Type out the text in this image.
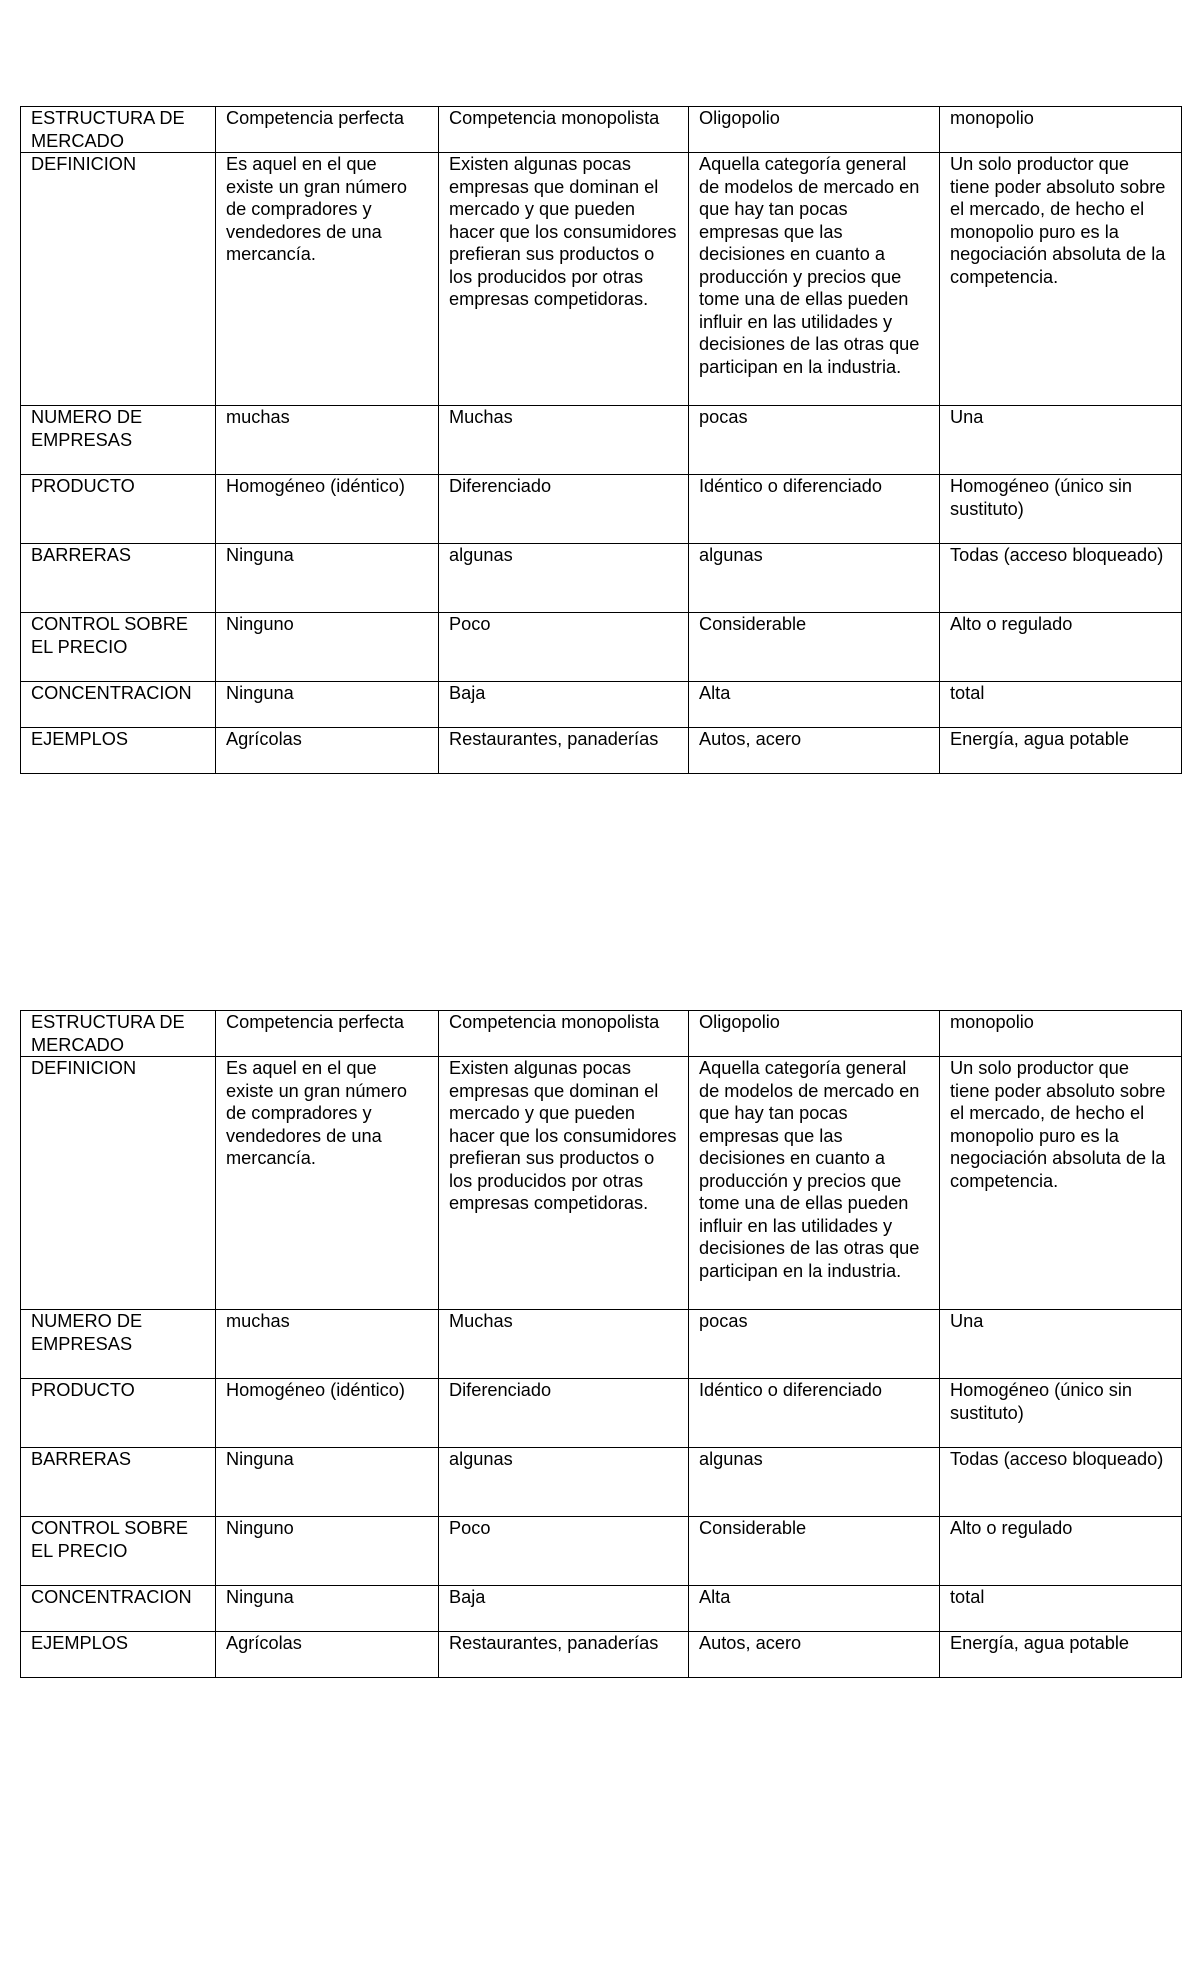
ESTRUCTURA DE MERCADO	Competencia perfecta	Competencia monopolista	Oligopolio	monopolio
DEFINICION	Es aquel en el que existe un gran número de compradores y vendedores de una mercancía.	Existen algunas pocas empresas que dominan el mercado y que pueden hacer que los consumidores prefieran sus productos o los producidos por otras empresas competidoras.	Aquella categoría general de modelos de mercado en que hay tan pocas empresas que las decisiones en cuanto a producción y precios que tome una de ellas pueden influir en las utilidades y decisiones de las otras que participan en la industria.	Un solo productor que tiene poder absoluto sobre el mercado, de hecho el monopolio puro es la negociación absoluta de la competencia.
NUMERO DE EMPRESAS	muchas	Muchas	pocas	Una
PRODUCTO	Homogéneo (idéntico)	Diferenciado	Idéntico o diferenciado	Homogéneo (único sin sustituto)
BARRERAS	Ninguna	algunas	algunas	Todas (acceso bloqueado)
CONTROL SOBRE EL PRECIO	Ninguno	Poco	Considerable	Alto o regulado
CONCENTRACION	Ninguna	Baja	Alta	total
EJEMPLOS	Agrícolas	Restaurantes, panaderías	Autos, acero	Energía, agua potable
ESTRUCTURA DE MERCADO	Competencia perfecta	Competencia monopolista	Oligopolio	monopolio
DEFINICION	Es aquel en el que existe un gran número de compradores y vendedores de una mercancía.	Existen algunas pocas empresas que dominan el mercado y que pueden hacer que los consumidores prefieran sus productos o los producidos por otras empresas competidoras.	Aquella categoría general de modelos de mercado en que hay tan pocas empresas que las decisiones en cuanto a producción y precios que tome una de ellas pueden influir en las utilidades y decisiones de las otras que participan en la industria.	Un solo productor que tiene poder absoluto sobre el mercado, de hecho el monopolio puro es la negociación absoluta de la competencia.
NUMERO DE EMPRESAS	muchas	Muchas	pocas	Una
PRODUCTO	Homogéneo (idéntico)	Diferenciado	Idéntico o diferenciado	Homogéneo (único sin sustituto)
BARRERAS	Ninguna	algunas	algunas	Todas (acceso bloqueado)
CONTROL SOBRE EL PRECIO	Ninguno	Poco	Considerable	Alto o regulado
CONCENTRACION	Ninguna	Baja	Alta	total
EJEMPLOS	Agrícolas	Restaurantes, panaderías	Autos, acero	Energía, agua potable
